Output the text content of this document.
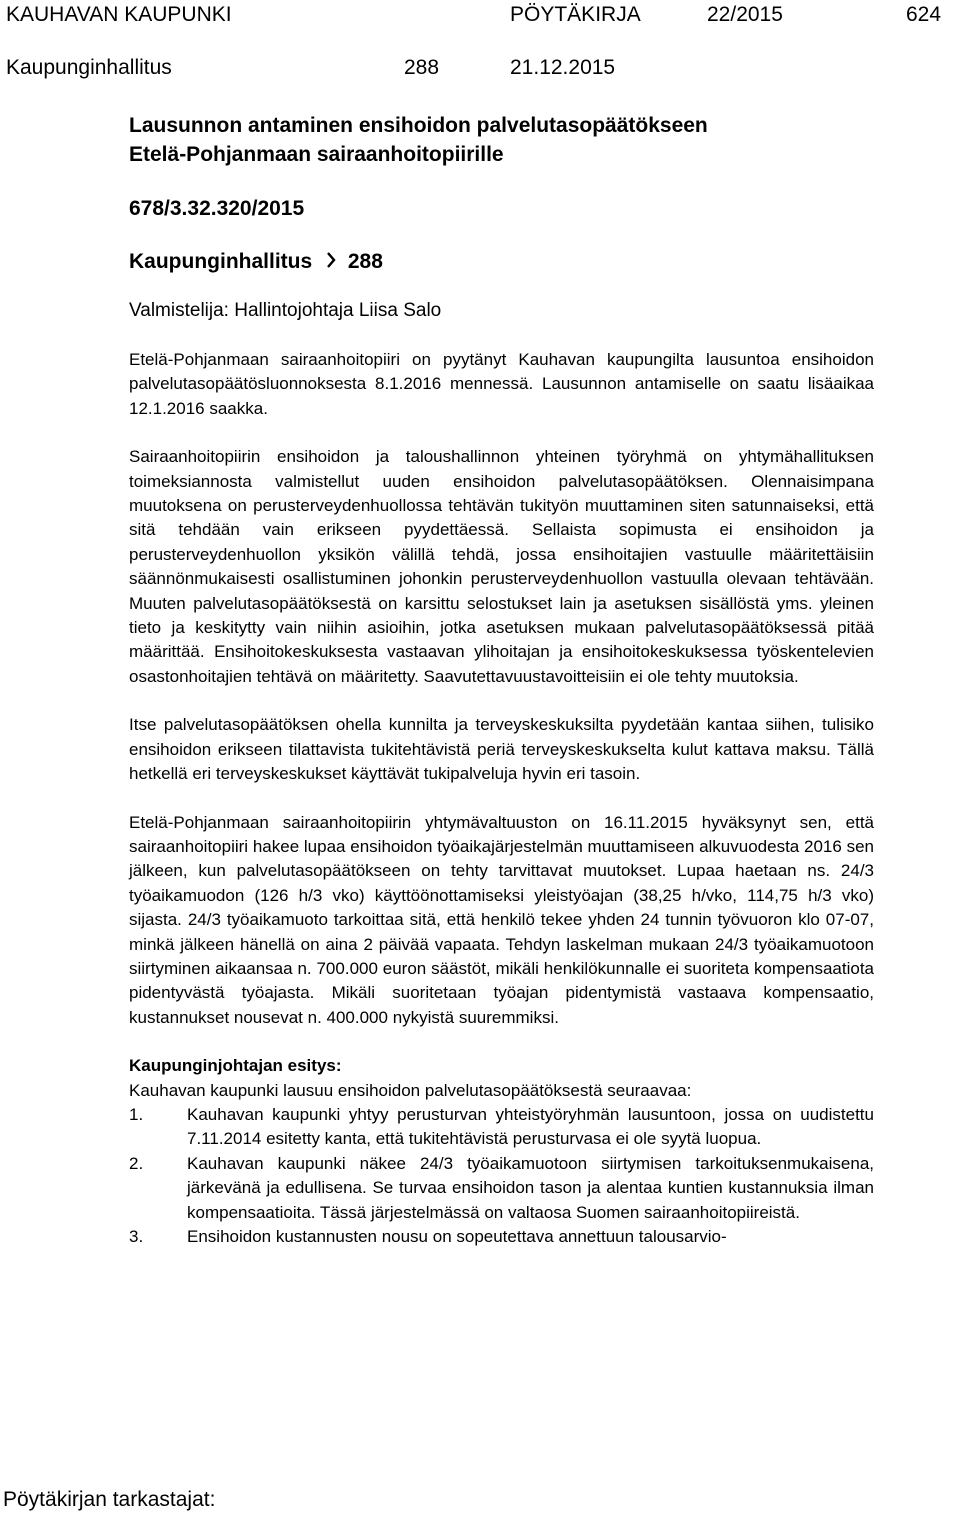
KAUHAVAN KAUPUNKI	PÖYTÄKIRJA	22/2015	624
Kaupunginhallitus	288	21.12.2015
Lausunnon antaminen ensihoidon palvelutasopäätökseen
Etelä-Pohjanmaan sairaanhoitopiirille
678/3.32.320/2015
Kaupunginhallitus 288
Valmistelija: Hallintojohtaja Liisa Salo

Etelä-Pohjanmaan sairaanhoitopiiri on pyytänyt Kauhavan kaupungilta lausuntoa ensihoidon palvelutasopäätösluonnoksesta 8.1.2016 mennessä. Lausunnon antamiselle on saatu lisäaikaa 12.1.2016 saakka.

Sairaanhoitopiirin ensihoidon ja taloushallinnon yhteinen työryhmä on yhtymähallituksen toimeksiannosta valmistellut uuden ensihoidon palvelutasopäätöksen. Olennaisimpana muutoksena on perusterveydenhuollossa tehtävän tukityön muuttaminen siten satunnaiseksi, että sitä tehdään vain erikseen pyydettäessä. Sellaista sopimusta ei ensihoidon ja perusterveydenhuollon yksikön välillä tehdä, jossa ensihoitajien vastuulle määritettäisiin säännönmukaisesti osallistuminen johonkin perusterveydenhuollon vastuulla olevaan tehtävään. Muuten palvelutasopäätöksestä on karsittu selostukset lain ja asetuksen sisällöstä yms. yleinen tieto ja keskitytty vain niihin asioihin, jotka asetuksen mukaan palvelutasopäätöksessä pitää määrittää. Ensihoitokeskuksesta vastaavan ylihoitajan ja ensihoitokeskuksessa työskentelevien osastonhoitajien tehtävä on määritetty. Saavutettavuustavoitteisiin ei ole tehty muutoksia.

Itse palvelutasopäätöksen ohella kunnilta ja terveyskeskuksilta pyydetään kantaa siihen, tulisiko ensihoidon erikseen tilattavista tukitehtävistä periä terveyskeskukselta kulut kattava maksu. Tällä hetkellä eri terveyskeskukset käyttävät tukipalveluja hyvin eri tasoin.

Etelä-Pohjanmaan sairaanhoitopiirin yhtymävaltuuston on 16.11.2015 hyväksynyt sen, että sairaanhoitopiiri hakee lupaa ensihoidon työaikajärjestelmän muuttamiseen alkuvuodesta 2016 sen jälkeen, kun palvelutasopäätökseen on tehty tarvittavat muutokset. Lupaa haetaan ns. 24/3 työaikamuodon (126 h/3 vko) käyttöönottamiseksi yleistyöajan (38,25 h/vko, 114,75 h/3 vko) sijasta. 24/3 työaikamuoto tarkoittaa sitä, että henkilö tekee yhden 24 tunnin työvuoron klo 07-07, minkä jälkeen hänellä on aina 2 päivää vapaata. Tehdyn laskelman mukaan 24/3 työaikamuotoon siirtyminen aikaansaa n. 700.000 euron säästöt, mikäli henkilökunnalle ei suoriteta kompensaatiota pidentyvästä työajasta. Mikäli suoritetaan työajan pidentymistä vastaava kompensaatio, kustannukset nousevat n. 400.000 nykyistä suuremmiksi.

Kaupunginjohtajan esitys:

Kauhavan kaupunki lausuu ensihoidon palvelutasopäätöksestä seuraavaa:

1.	Kauhavan kaupunki yhtyy perusturvan yhteistyöryhmän lausuntoon, jossa on uudistettu 7.11.2014 esitetty kanta, että tukitehtävistä perusturvasa ei ole syytä luopua.
2.	Kauhavan kaupunki näkee 24/3 työaikamuotoon siirtymisen tarkoituksenmukaisena, järkevänä ja edullisena. Se turvaa ensihoidon tason ja alentaa kuntien kustannuksia ilman kompensaatioita. Tässä järjestelmässä on valtaosa Suomen sairaanhoitopiireistä.
3.	Ensihoidon kustannusten nousu on sopeutettava annettuun talousarvio-
Pöytäkirjan tarkastajat:
